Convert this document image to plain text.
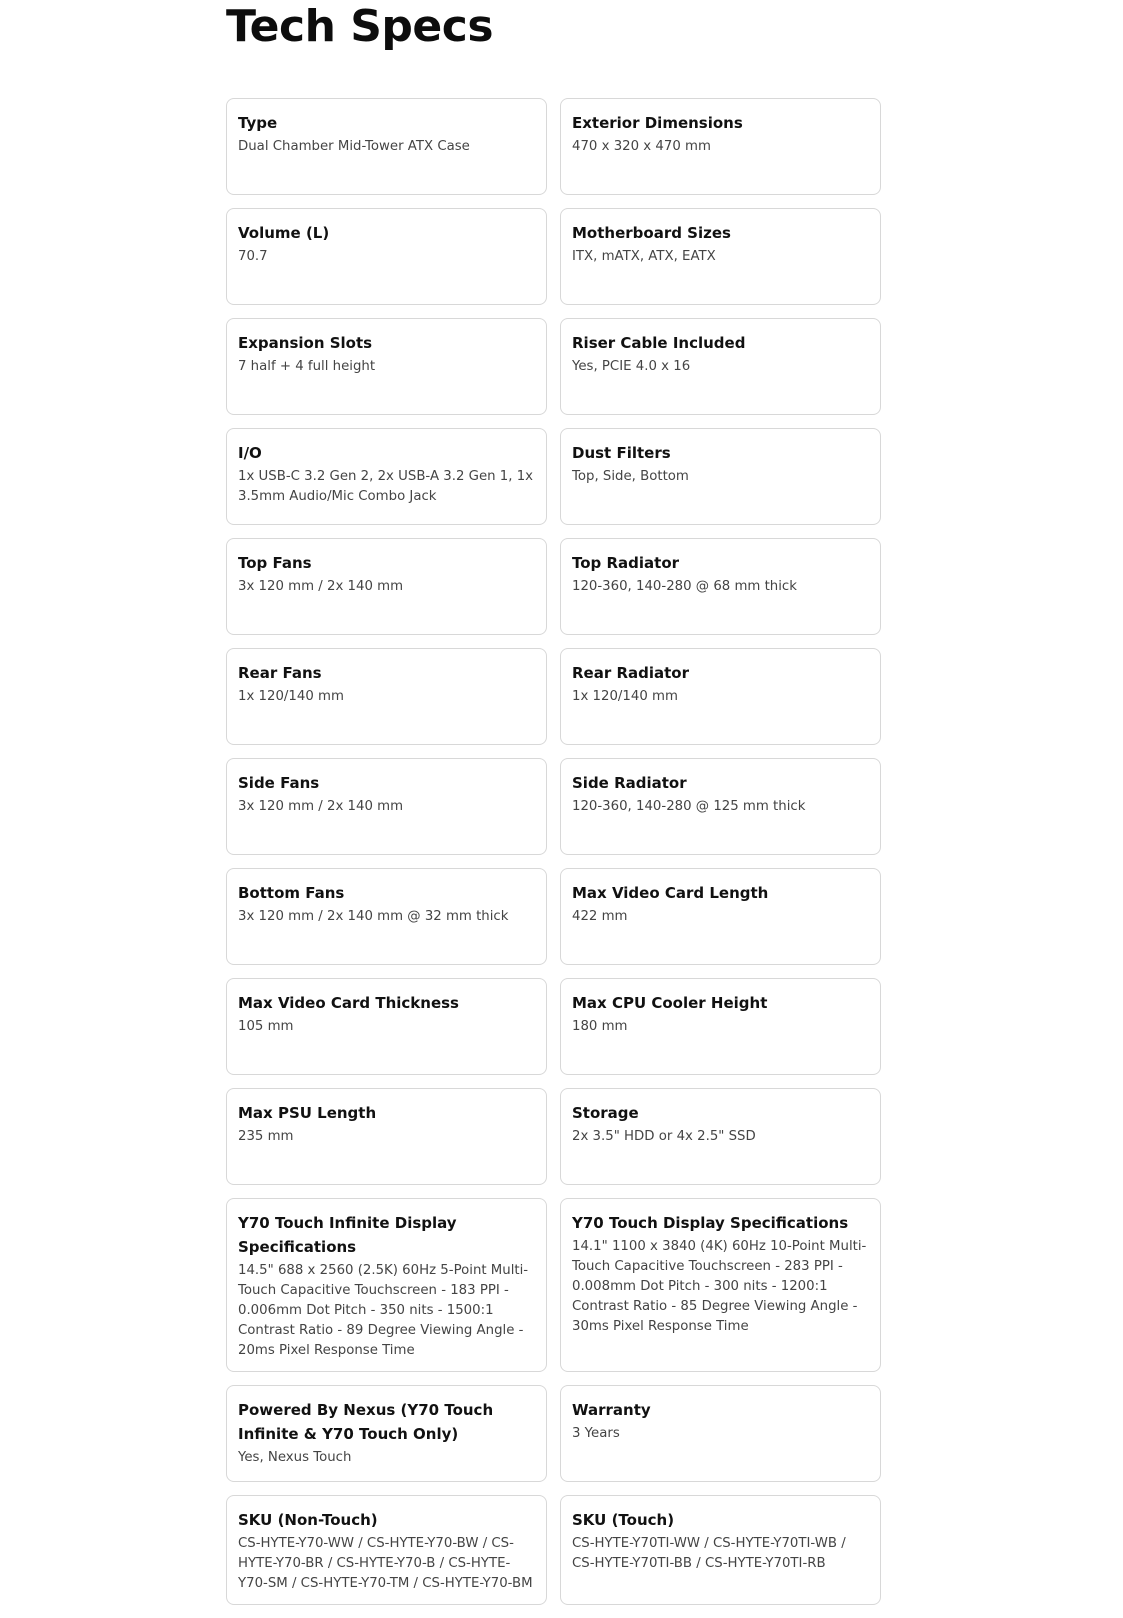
Tech Specs
Type
Dual Chamber Mid-Tower ATX Case
Exterior Dimensions
470 x 320 x 470 mm
Volume (L)
70.7
Motherboard Sizes
ITX, mATX, ATX, EATX
Expansion Slots
7 half + 4 full height
Riser Cable Included
Yes, PCIE 4.0 x 16
I/O
1x USB-C 3.2 Gen 2, 2x USB-A 3.2 Gen 1, 1x 3.5mm Audio/Mic Combo Jack
Dust Filters
Top, Side, Bottom
Top Fans
3x 120 mm / 2x 140 mm
Top Radiator
120-360, 140-280 @ 68 mm thick
Rear Fans
1x 120/140 mm
Rear Radiator
1x 120/140 mm
Side Fans
3x 120 mm / 2x 140 mm
Side Radiator
120-360, 140-280 @ 125 mm thick
Bottom Fans
3x 120 mm / 2x 140 mm @ 32 mm thick
Max Video Card Length
422 mm
Max Video Card Thickness
105 mm
Max CPU Cooler Height
180 mm
Max PSU Length
235 mm
Storage
2x 3.5" HDD or 4x 2.5" SSD
Y70 Touch Infinite Display Specifications
14.5" 688 x 2560 (2.5K) 60Hz 5-Point Multi-Touch Capacitive Touchscreen - 183 PPI - 0.006mm Dot Pitch - 350 nits - 1500:1 Contrast Ratio - 89 Degree Viewing Angle - 20ms Pixel Response Time
Y70 Touch Display Specifications
14.1" 1100 x 3840 (4K) 60Hz 10-Point Multi-Touch Capacitive Touchscreen - 283 PPI - 0.008mm Dot Pitch - 300 nits - 1200:1 Contrast Ratio - 85 Degree Viewing Angle - 30ms Pixel Response Time
Powered By Nexus (Y70 Touch Infinite & Y70 Touch Only)
Yes, Nexus Touch
Warranty
3 Years
SKU (Non-Touch)
CS-HYTE-Y70-WW / CS-HYTE-Y70-BW / CS-HYTE-Y70-BR / CS-HYTE-Y70-B / CS-HYTE-Y70-SM / CS-HYTE-Y70-TM / CS-HYTE-Y70-BM
SKU (Touch)
CS-HYTE-Y70TI-WW / CS-HYTE-Y70TI-WB / CS-HYTE-Y70TI-BB / CS-HYTE-Y70TI-RB
